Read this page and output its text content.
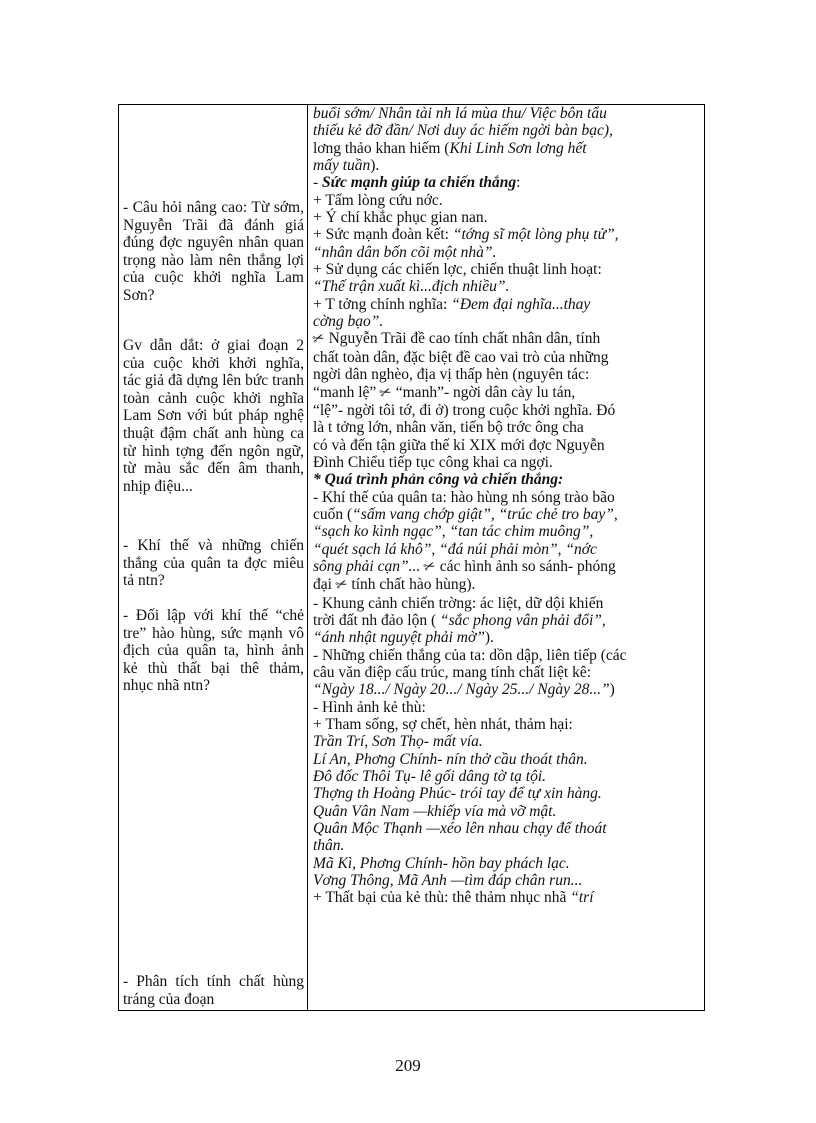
- Câu hỏi nâng cao: Từ sớm, Nguyễn Trãi đã đánh giá đúng đợc nguyên nhân quan trọng nào làm nên thắng lợi của cuộc khởi nghĩa Lam Sơn?
Gv dẫn dắt: ở giai đoạn 2 của cuộc khởi khởi nghĩa, tác giả đã dựng lên bức tranh toàn cảnh cuộc khởi nghĩa Lam Sơn với bút pháp nghệ thuật đậm chất anh hùng ca từ hình tợng đến ngôn ngữ, từ màu sắc đến âm thanh, nhịp điệu...
- Khí thế và những chiến thắng của quân ta đợc miêu tả ntn?
- Đối lập với khí thế “chẻ tre” hào hùng, sức mạnh vô địch của quân ta, hình ảnh kẻ thù thất bại thê thảm, nhục nhã ntn?
- Phân tích tính chất hùng tráng của đoạn
buổi sớm/ Nhân tài nh lá mùa thu/ Việc bôn tẩu
thiếu kẻ đỡ đần/ Nơi duy ác hiếm ngời bàn bạc),
lơng thảo khan hiếm (Khi Linh Sơn lơng hết
mấy tuần).
- Sức mạnh giúp ta chiến thắng:
+ Tấm lòng cứu nớc.
+ Ý chí khắc phục gian nan.
+ Sức mạnh đoàn kết: “tớng sĩ một lòng phụ tử”,
“nhân dân bốn cõi một nhà”.
+ Sử dụng các chiến lợc, chiến thuật linh hoạt:
“Thế trận xuất kì...địch nhiều”.
+ T tởng chính nghĩa: “Đem đại nghĩa...thay
cờng bạo”.
✂ Nguyễn Trãi đề cao tính chất nhân dân, tính
chất toàn dân, đặc biệt đề cao vai trò của những
ngời dân nghèo, địa vị thấp hèn (nguyên tác:
“manh lệ” ✂ “manh”- ngời dân cày lu tán,
“lệ”- ngời tôi tớ, đi ở) trong cuộc khởi nghĩa. Đó
là t tởng lớn, nhân văn, tiến bộ trớc ông cha
có và đến tận giữa thế kỉ XIX mới đợc Nguyễn
Đình Chiểu tiếp tục công khai ca ngợi.
* Quá trình phản công và chiến thắng:
- Khí thế của quân ta: hào hùng nh sóng trào bão
cuốn (“sấm vang chớp giật”, “trúc chẻ tro bay”,
“sạch ko kình ngạc”, “tan tác chim muông”,
“quét sạch lá khô”, “đá núi phải mòn”, “nớc
sông phải cạn”... ✂ các hình ảnh so sánh- phóng
đại ✂ tính chất hào hùng).
- Khung cảnh chiến trờng: ác liệt, dữ dội khiến
trời đất nh đảo lộn ( “sắc phong vân phải đổi”,
“ánh nhật nguyệt phải mờ”).
- Những chiến thắng của ta: dồn dập, liên tiếp (các
câu văn điệp cấu trúc, mang tính chất liệt kê:
“Ngày 18.../ Ngày 20.../ Ngày 25.../ Ngày 28...”)
- Hình ảnh kẻ thù:
+ Tham sống, sợ chết, hèn nhát, thảm hại:
Trần Trí, Sơn Thọ- mất vía.
Lí An, Phơng Chính- nín thở cầu thoát thân.
Đô đốc Thôi Tụ- lê gối dâng tờ tạ tội.
Thợng th Hoàng Phúc- trói tay để tự xin hàng.
Quân Vân Nam —khiếp vía mà vỡ mật.
Quân Mộc Thạnh —xéo lên nhau chạy để thoát
thân.
Mã Kì, Phơng Chính- hồn bay phách lạc.
Vơng Thông, Mã Anh —tìm đáp chân run...
+ Thất bại của kẻ thù: thê thảm nhục nhã “trí
209
